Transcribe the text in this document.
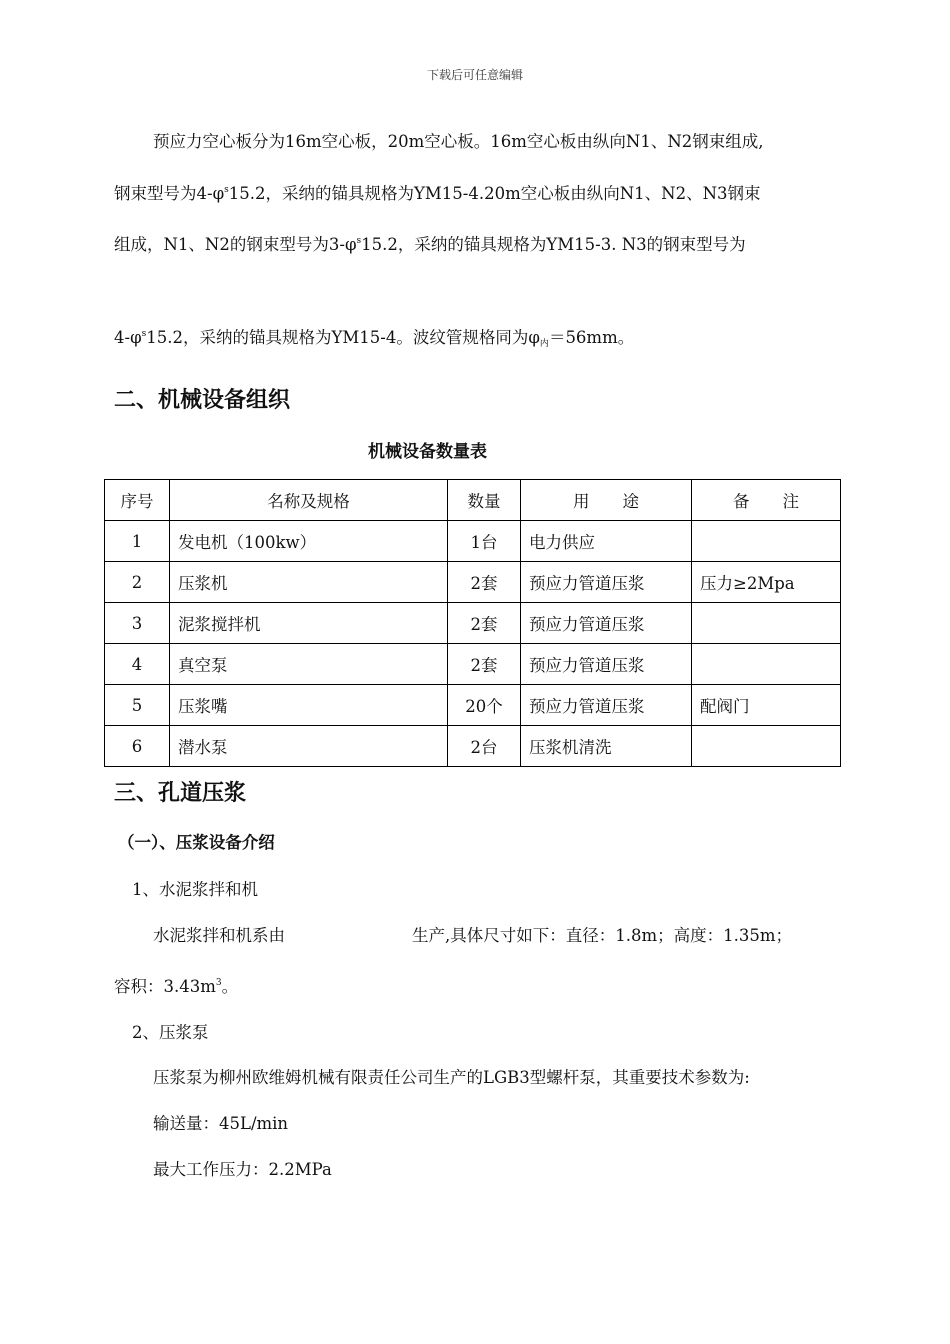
下载后可任意编辑
预应力空心板分为16m空心板，20m空心板。16m空心板由纵向N1、N2钢束组成,
钢束型号为$4-\varphi^s15.2$，采纳的锚具规格为YM15-4.20m空心板由纵向N1、N2、N3钢束
组成，N1、N2的钢束型号为$3-\varphi^s15.2$，采纳的锚具规格为YM15-3. N3的钢束型号为
$4-\varphi^s15.2$，采纳的锚具规格为YM15-4。波纹管规格同为$\varphi_内=56mm$。
二、机械设备组织
机械设备数量表
序号	名称及规格	数量	用　　途	备　　注
1	发电机（100kw）	1台	电力供应	
2	压浆机	2套	预应力管道压浆	压力≥2Mpa
3	泥浆搅拌机	2套	预应力管道压浆	
4	真空泵	2套	预应力管道压浆	
5	压浆嘴	20个	预应力管道压浆	配阀门
6	潜水泵	2台	压浆机清洗	
三、孔道压浆
（一）、压浆设备介绍
1、水泥浆拌和机
水泥浆拌和机系由	生产,具体尺寸如下：直径：1.8m；高度：1.35m；
容积：$3.43m^3$。
2、压浆泵
压浆泵为柳州欧维姆机械有限责任公司生产的LGB3型螺杆泵，其重要技术参数为:
输送量：45L/min
最大工作压力：2.2MPa
